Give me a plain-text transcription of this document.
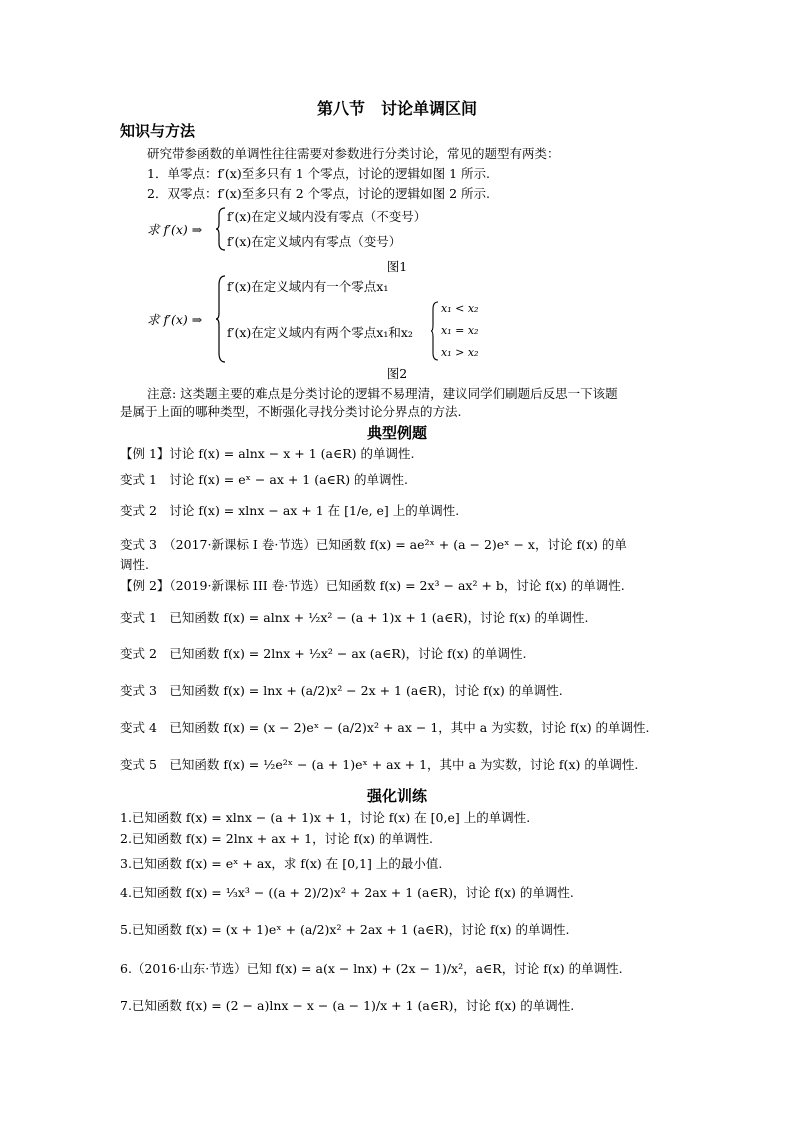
第八节　讨论单调区间
知识与方法
研究带参函数的单调性往往需要对参数进行分类讨论，常见的题型有两类：
1．单零点：f′(x)至多只有 1 个零点，讨论的逻辑如图 1 所示.
2．双零点：f′(x)至多只有 2 个零点，讨论的逻辑如图 2 所示.
求 f′(x) ⇒
f′(x)在定义域内没有零点（不变号）
f′(x)在定义域内有零点（变号）
图1
求 f′(x) ⇒
f′(x)在定义域内有一个零点x₁
f′(x)在定义域内有两个零点x₁和x₂
x₁ < x₂
x₁ = x₂
x₁ > x₂
图2
注意: 这类题主要的难点是分类讨论的逻辑不易理清，建议同学们刷题后反思一下该题
是属于上面的哪种类型，不断强化寻找分类讨论分界点的方法.
典型例题
【例 1】讨论 f(x) = alnx − x + 1 (a∈R) 的单调性.
变式 1　讨论 f(x) = eˣ − ax + 1 (a∈R) 的单调性.
变式 2　讨论 f(x) = xlnx − ax + 1 在 [1/e, e] 上的单调性.
变式 3　（2017·新课标 I 卷·节选）已知函数 f(x) = ae²ˣ + (a − 2)eˣ − x，讨论 f(x) 的单
调性.
【例 2】（2019·新课标 III 卷·节选）已知函数 f(x) = 2x³ − ax² + b，讨论 f(x) 的单调性.
变式 1　已知函数 f(x) = alnx + ½x² − (a + 1)x + 1 (a∈R)，讨论 f(x) 的单调性.
变式 2　已知函数 f(x) = 2lnx + ½x² − ax (a∈R)，讨论 f(x) 的单调性.
变式 3　已知函数 f(x) = lnx + (a/2)x² − 2x + 1 (a∈R)，讨论 f(x) 的单调性.
变式 4　已知函数 f(x) = (x − 2)eˣ − (a/2)x² + ax − 1，其中 a 为实数，讨论 f(x) 的单调性.
变式 5　已知函数 f(x) = ½e²ˣ − (a + 1)eˣ + ax + 1，其中 a 为实数，讨论 f(x) 的单调性.
强化训练
1.已知函数 f(x) = xlnx − (a + 1)x + 1，讨论 f(x) 在 [0,e] 上的单调性.
2.已知函数 f(x) = 2lnx + ax + 1，讨论 f(x) 的单调性.
3.已知函数 f(x) = eˣ + ax，求 f(x) 在 [0,1] 上的最小值.
4.已知函数 f(x) = ⅓x³ − ((a + 2)/2)x² + 2ax + 1 (a∈R)，讨论 f(x) 的单调性.
5.已知函数 f(x) = (x + 1)eˣ + (a/2)x² + 2ax + 1 (a∈R)，讨论 f(x) 的单调性.
6.（2016·山东·节选）已知 f(x) = a(x − lnx) + (2x − 1)/x²，a∈R，讨论 f(x) 的单调性.
7.已知函数 f(x) = (2 − a)lnx − x − (a − 1)/x + 1 (a∈R)，讨论 f(x) 的单调性.
